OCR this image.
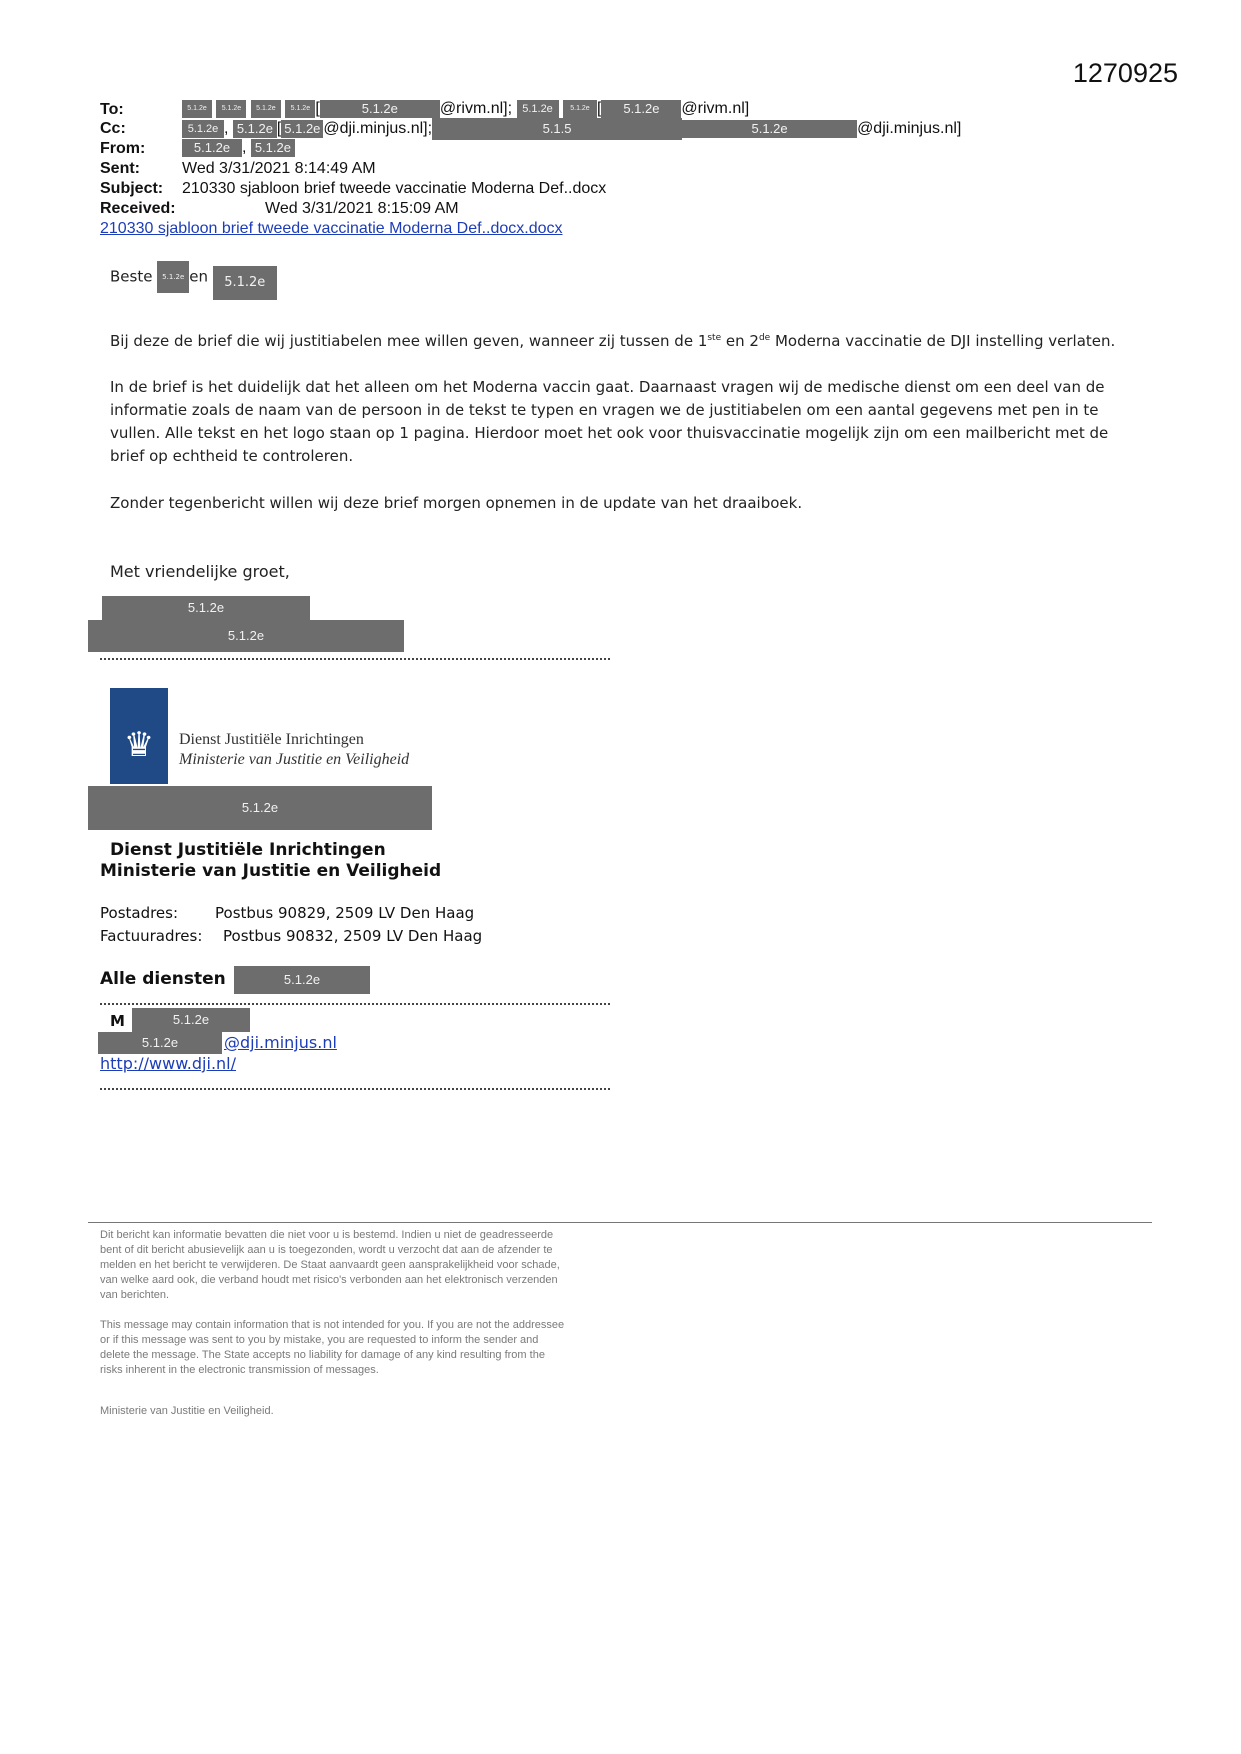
1270925
To:	5.1.2e 5.1.2e 5.1.2e 5.1.2e [	5.1.2e	@rivm.nl]; 5.1.2e 5.1.2e [ 5.1.2e @rivm.nl]
Cc:	5.1.2e , 5.1.2e [ 5.1.2e @dji.minjus.nl];	5.1.5	5.1.2e	@dji.minjus.nl]
From:	5.1.2e , 5.1.2e
Sent:	Wed 3/31/2021 8:14:49 AM
Subject: 210330 sjabloon brief tweede vaccinatie Moderna Def..docx
Received:	Wed 3/31/2021 8:15:09 AM
210330 sjabloon brief tweede vaccinatie Moderna Def..docx.docx
Beste 5.1.2e en 5.1.2e
Bij deze de brief die wij justitiabelen mee willen geven, wanneer zij tussen de 1ste en 2de Moderna vaccinatie de DJI instelling verlaten.
In de brief is het duidelijk dat het alleen om het Moderna vaccin gaat. Daarnaast vragen wij de medische dienst om een deel van de informatie zoals de naam van de persoon in de tekst te typen en vragen we de justitiabelen om een aantal gegevens met pen in te vullen. Alle tekst en het logo staan op 1 pagina. Hierdoor moet het ook voor thuisvaccinatie mogelijk zijn om een mailbericht met de brief op echtheid te controleren.
Zonder tegenbericht willen wij deze brief morgen opnemen in de update van het draaiboek.
Met vriendelijke groet,
5.1.2e
5.1.2e
♛	Dienst Justitiële Inrichtingen
Ministerie van Justitie en Veiligheid
5.1.2e
Dienst Justitiële Inrichtingen
Ministerie van Justitie en Veiligheid
Postadres: Postbus 90829, 2509 LV Den Haag
Factuuradres: Postbus 90832, 2509 LV Den Haag
Alle diensten	5.1.2e
M	5.1.2e
5.1.2e	@dji.minjus.nl
http://www.dji.nl/
Dit bericht kan informatie bevatten die niet voor u is bestemd. Indien u niet de geadresseerde bent of dit bericht abusievelijk aan u is toegezonden, wordt u verzocht dat aan de afzender te melden en het bericht te verwijderen. De Staat aanvaardt geen aansprakelijkheid voor schade, van welke aard ook, die verband houdt met risico's verbonden aan het elektronisch verzenden van berichten.
This message may contain information that is not intended for you. If you are not the addressee or if this message was sent to you by mistake, you are requested to inform the sender and delete the message. The State accepts no liability for damage of any kind resulting from the risks inherent in the electronic transmission of messages.
Ministerie van Justitie en Veiligheid.
